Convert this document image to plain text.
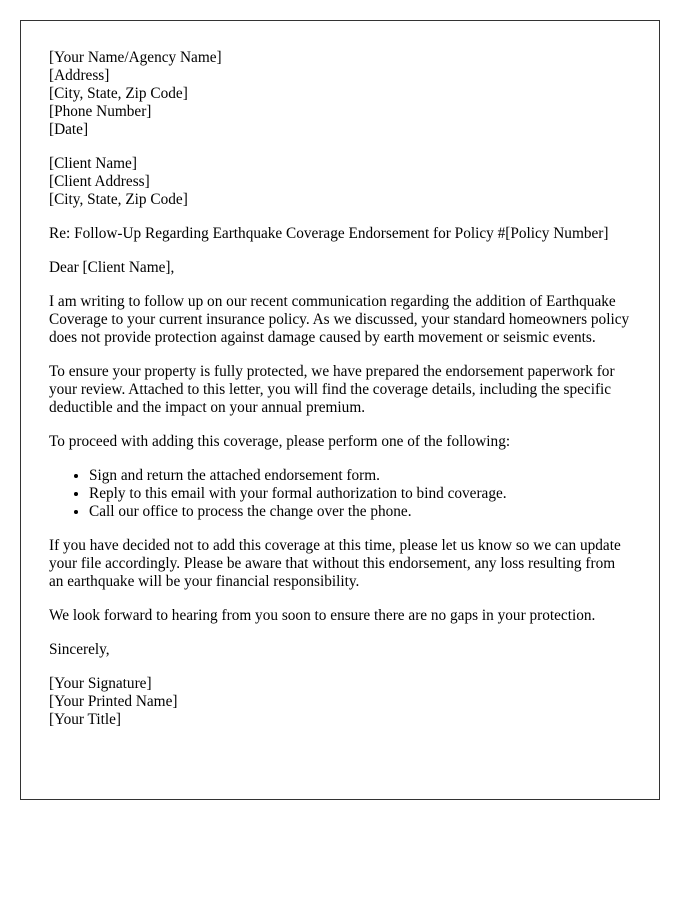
[Your Name/Agency Name]
[Address]
[City, State, Zip Code]
[Phone Number]
[Date]
[Client Name]
[Client Address]
[City, State, Zip Code]

Re: Follow-Up Regarding Earthquake Coverage Endorsement for Policy #[Policy Number]

Dear [Client Name],

I am writing to follow up on our recent communication regarding the addition of Earthquake Coverage to your current insurance policy. As we discussed, your standard homeowners policy does not provide protection against damage caused by earth movement or seismic events.

To ensure your property is fully protected, we have prepared the endorsement paperwork for your review. Attached to this letter, you will find the coverage details, including the specific deductible and the impact on your annual premium.

To proceed with adding this coverage, please perform one of the following:

• Sign and return the attached endorsement form.
• Reply to this email with your formal authorization to bind coverage.
• Call our office to process the change over the phone.

If you have decided not to add this coverage at this time, please let us know so we can update your file accordingly. Please be aware that without this endorsement, any loss resulting from an earthquake will be your financial responsibility.

We look forward to hearing from you soon to ensure there are no gaps in your protection.

Sincerely,

[Your Signature]
[Your Printed Name]
[Your Title]
